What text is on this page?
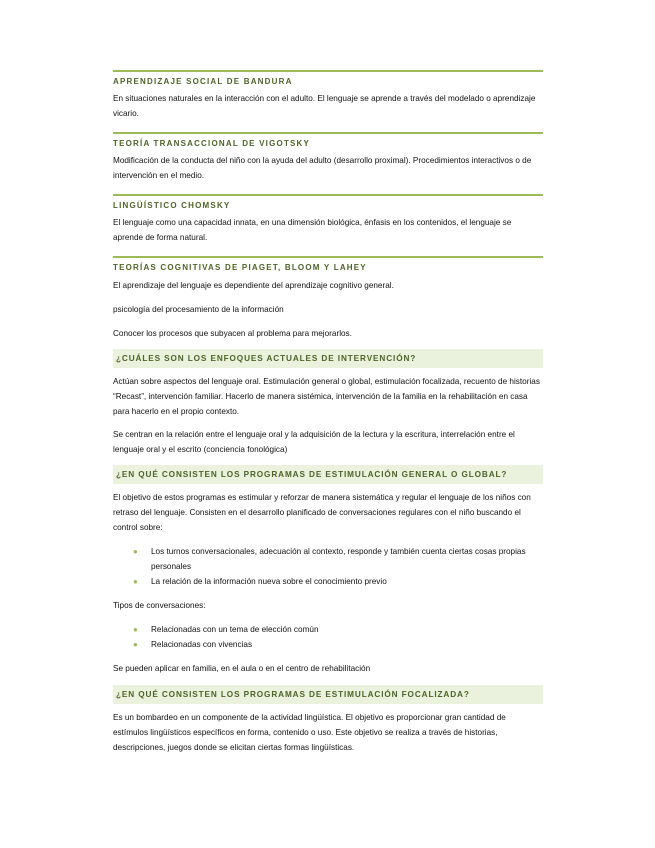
APRENDIZAJE SOCIAL DE BANDURA

En situaciones naturales en la interacción con el adulto. El lenguaje se aprende a través del modelado o aprendizaje vicario.

TEORÍA TRANSACCIONAL DE VIGOTSKY

Modificación de la conducta del niño con la ayuda del adulto (desarrollo proximal). Procedimientos interactivos o de intervención en el medio.

LINGÜÍSTICO CHOMSKY

El lenguaje como una capacidad innata, en una dimensión biológica, énfasis en los contenidos, el lenguaje se aprende de forma natural.

TEORÍAS COGNITIVAS DE PIAGET, BLOOM Y LAHEY

El aprendizaje del lenguaje es dependiente del aprendizaje cognitivo general.

psicología del procesamiento de la información

Conocer los procesos que subyacen al problema para mejorarlos.

¿CUÁLES SON LOS ENFOQUES ACTUALES DE INTERVENCIÓN?

Actúan sobre aspectos del lenguaje oral. Estimulación general o global, estimulación focalizada, recuento de historias “Recast”, intervención familiar. Hacerlo de manera sistémica, intervención de la familia en la rehabilitación en casa para hacerlo en el propio contexto.

Se centran en la relación entre el lenguaje oral y la adquisición de la lectura y la escritura, interrelación entre el lenguaje oral y el escrito (conciencia fonológica)

¿EN QUÉ CONSISTEN LOS PROGRAMAS DE ESTIMULACIÓN GENERAL O GLOBAL?

El objetivo de estos programas es estimular y reforzar de manera sistemática y regular el lenguaje de los niños con retraso del lenguaje. Consisten en el desarrollo planificado de conversaciones regulares con el niño buscando el control sobre:

● Los turnos conversacionales, adecuación al contexto, responde y también cuenta ciertas cosas propias personales
● La relación de la información nueva sobre el conocimiento previo

Tipos de conversaciones:

● Relacionadas con un tema de elección común
● Relacionadas con vivencias

Se pueden aplicar en familia, en el aula o en el centro de rehabilitación

¿EN QUÉ CONSISTEN LOS PROGRAMAS DE ESTIMULACIÓN FOCALIZADA?

Es un bombardeo en un componente de la actividad lingüística. El objetivo es proporcionar gran cantidad de estímulos lingüísticos específicos en forma, contenido o uso. Este objetivo se realiza a través de historias, descripciones, juegos donde se elicitan ciertas formas lingüísticas.
